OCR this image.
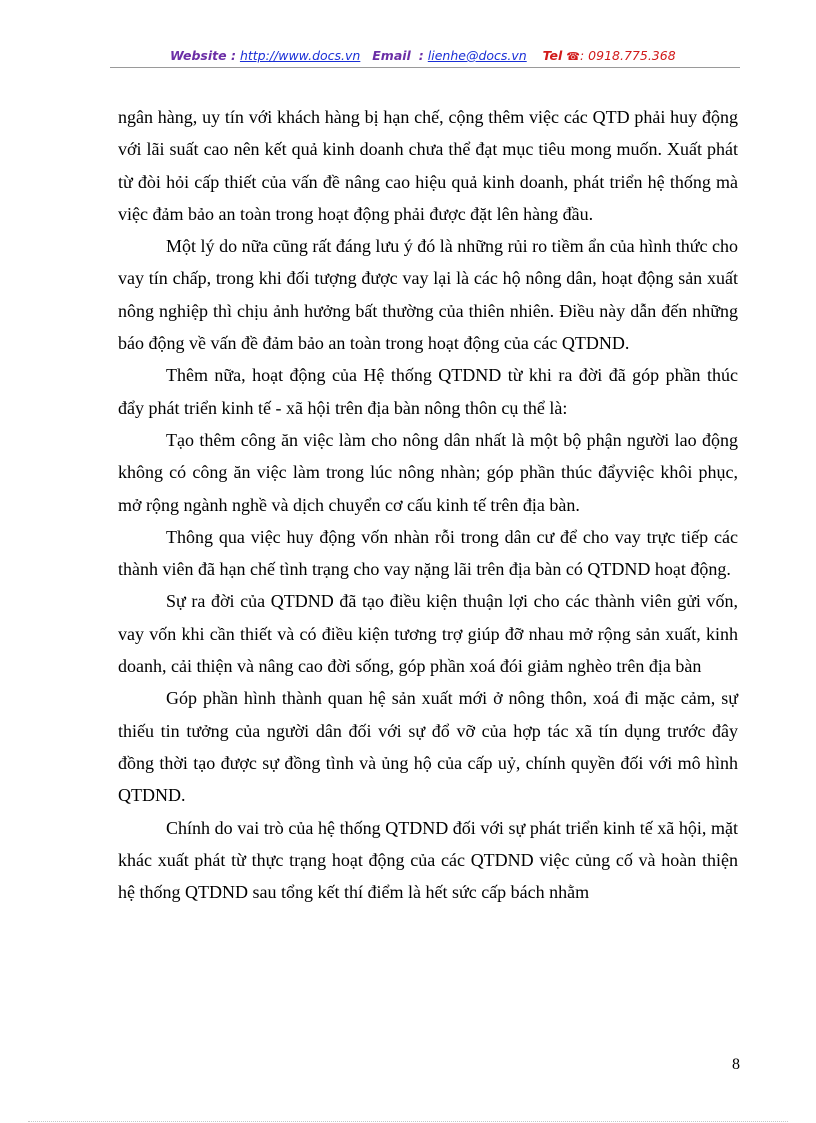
Website : http://www.docs.vn Email : lienhe@docs.vn Tel ☎: 0918.775.368

ngân hàng, uy tín với khách hàng bị hạn chế, cộng thêm việc các QTD phải huy động với lãi suất cao nên kết quả kinh doanh chưa thể đạt mục tiêu mong muốn. Xuất phát từ đòi hỏi cấp thiết của vấn đề nâng cao hiệu quả kinh doanh, phát triển hệ thống mà việc đảm bảo an toàn trong hoạt động phải được đặt lên hàng đầu.

Một lý do nữa cũng rất đáng lưu ý đó là những rủi ro tiềm ẩn của hình thức cho vay tín chấp, trong khi đối tượng được vay lại là các hộ nông dân, hoạt động sản xuất nông nghiệp thì chịu ảnh hưởng bất thường của thiên nhiên. Điều này dẫn đến những báo động về vấn đề đảm bảo an toàn trong hoạt động của các QTDND.

Thêm nữa, hoạt động của Hệ thống QTDND từ khi ra đời đã góp phần thúc đẩy phát triển kinh tế - xã hội trên địa bàn nông thôn cụ thể là:

Tạo thêm công ăn việc làm cho nông dân nhất là một bộ phận người lao động không có công ăn việc làm trong lúc nông nhàn; góp phần thúc đẩyviệc khôi phục, mở rộng ngành nghề và dịch chuyển cơ cấu kinh tế trên địa bàn.

Thông qua việc huy động vốn nhàn rỗi trong dân cư để cho vay trực tiếp các thành viên đã hạn chế tình trạng cho vay nặng lãi trên địa bàn có QTDND hoạt động.

Sự ra đời của QTDND đã tạo điều kiện thuận lợi cho các thành viên gửi vốn, vay vốn khi cần thiết và có điều kiện tương trợ giúp đỡ nhau mở rộng sản xuất, kinh doanh, cải thiện và nâng cao đời sống, góp phần xoá đói giảm nghèo trên địa bàn

Góp phần hình thành quan hệ sản xuất mới ở nông thôn, xoá đi mặc cảm, sự thiếu tin tưởng của người dân đối với sự đổ vỡ của hợp tác xã tín dụng trước đây đồng thời tạo được sự đồng tình và ủng hộ của cấp uỷ, chính quyền đối với mô hình QTDND.

Chính do vai trò của hệ thống QTDND đối với sự phát triển kinh tế xã hội, mặt khác xuất phát từ thực trạng hoạt động của các QTDND việc củng cố và hoàn thiện hệ thống QTDND sau tổng kết thí điểm là hết sức cấp bách nhằm

8
